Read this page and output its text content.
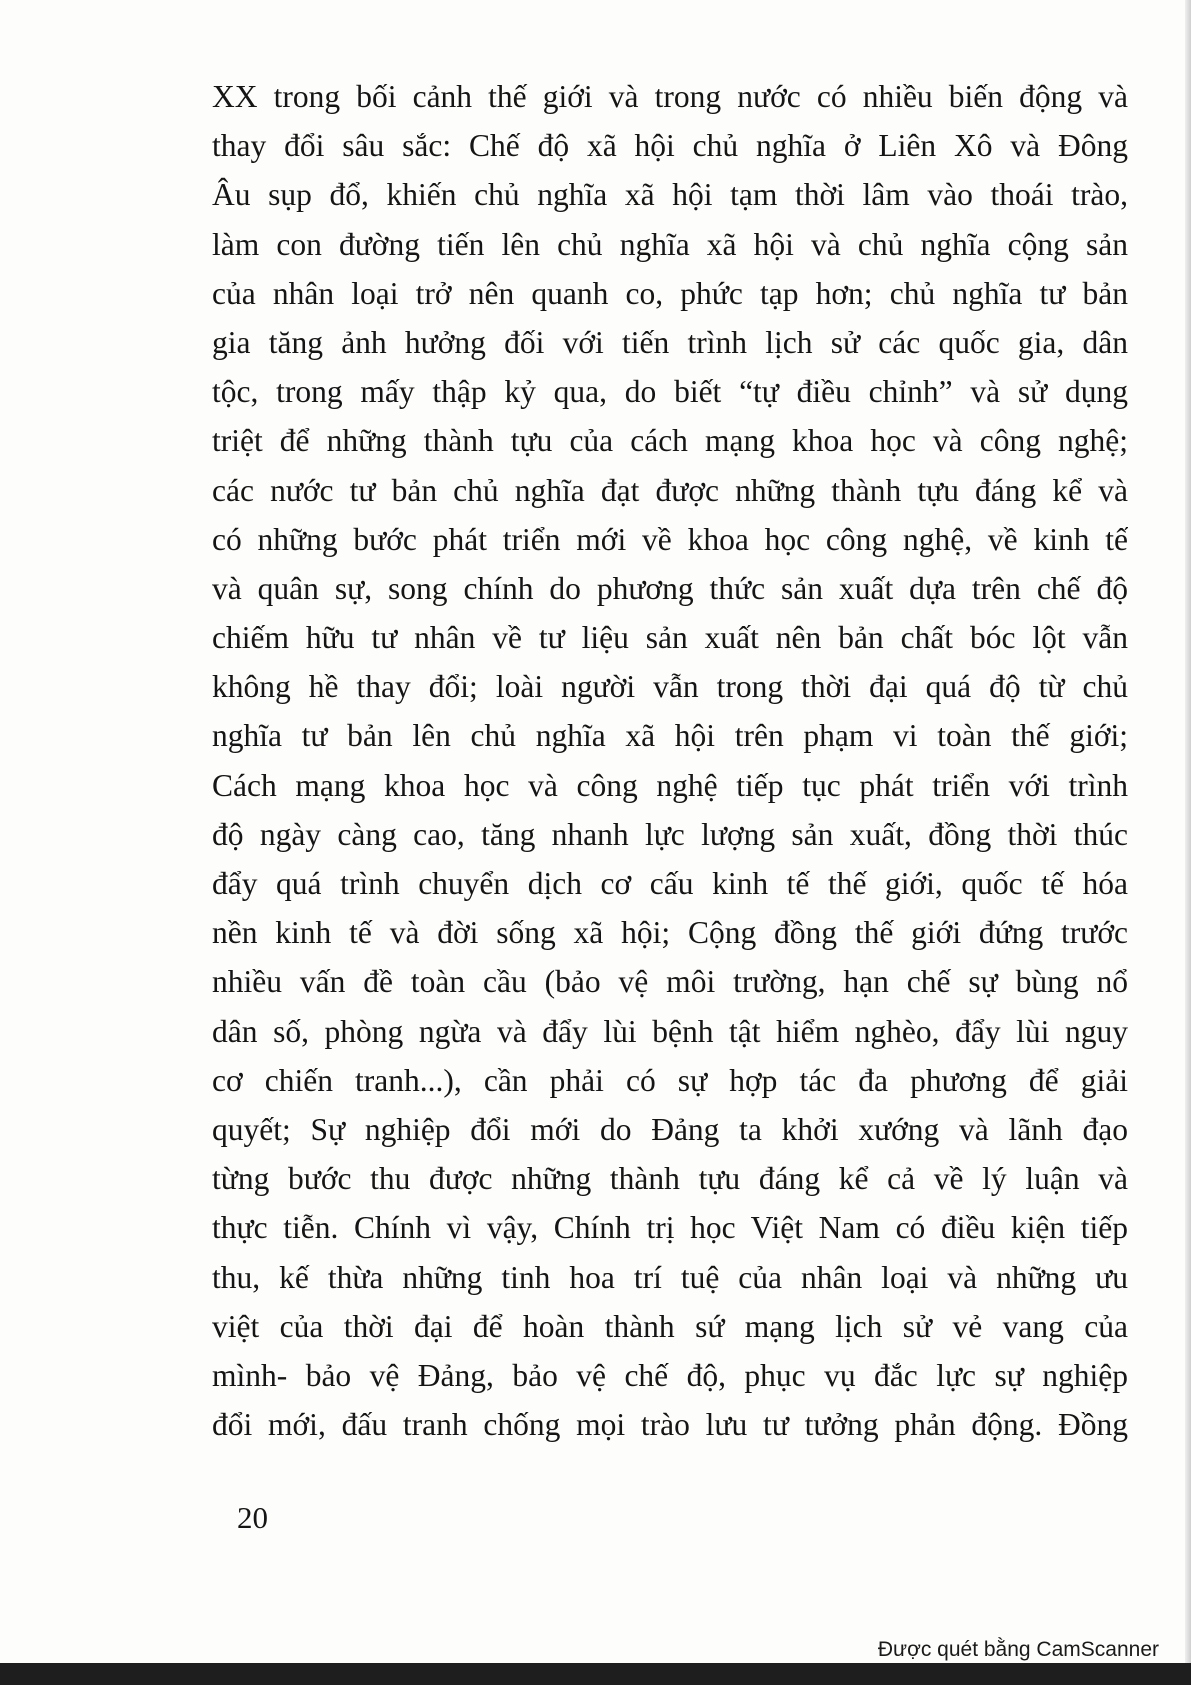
XX trong bối cảnh thế giới và trong nước có nhiều biến động và
thay đổi sâu sắc: Chế độ xã hội chủ nghĩa ở Liên Xô và Đông
Âu sụp đổ, khiến chủ nghĩa xã hội tạm thời lâm vào thoái trào,
làm con đường tiến lên chủ nghĩa xã hội và chủ nghĩa cộng sản
của nhân loại trở nên quanh co, phức tạp hơn; chủ nghĩa tư bản
gia tăng ảnh hưởng đối với tiến trình lịch sử các quốc gia, dân
tộc, trong mấy thập kỷ qua, do biết “tự điều chỉnh” và sử dụng
triệt để những thành tựu của cách mạng khoa học và công nghệ;
các nước tư bản chủ nghĩa đạt được những thành tựu đáng kể và
có những bước phát triển mới về khoa học công nghệ, về kinh tế
và quân sự, song chính do phương thức sản xuất dựa trên chế độ
chiếm hữu tư nhân về tư liệu sản xuất nên bản chất bóc lột vẫn
không hề thay đổi; loài người vẫn trong thời đại quá độ từ chủ
nghĩa tư bản lên chủ nghĩa xã hội trên phạm vi toàn thế giới;
Cách mạng khoa học và công nghệ tiếp tục phát triển với trình
độ ngày càng cao, tăng nhanh lực lượng sản xuất, đồng thời thúc
đẩy quá trình chuyển dịch cơ cấu kinh tế thế giới, quốc tế hóa
nền kinh tế và đời sống xã hội; Cộng đồng thế giới đứng trước
nhiều vấn đề toàn cầu (bảo vệ môi trường, hạn chế sự bùng nổ
dân số, phòng ngừa và đẩy lùi bệnh tật hiểm nghèo, đẩy lùi nguy
cơ chiến tranh...), cần phải có sự hợp tác đa phương để giải
quyết; Sự nghiệp đổi mới do Đảng ta khởi xướng và lãnh đạo
từng bước thu được những thành tựu đáng kể cả về lý luận và
thực tiễn. Chính vì vậy, Chính trị học Việt Nam có điều kiện tiếp
thu, kế thừa những tinh hoa trí tuệ của nhân loại và những ưu
việt của thời đại để hoàn thành sứ mạng lịch sử vẻ vang của
mình- bảo vệ Đảng, bảo vệ chế độ, phục vụ đắc lực sự nghiệp
đổi mới, đấu tranh chống mọi trào lưu tư tưởng phản động. Đồng
20
Được quét bằng CamScanner
